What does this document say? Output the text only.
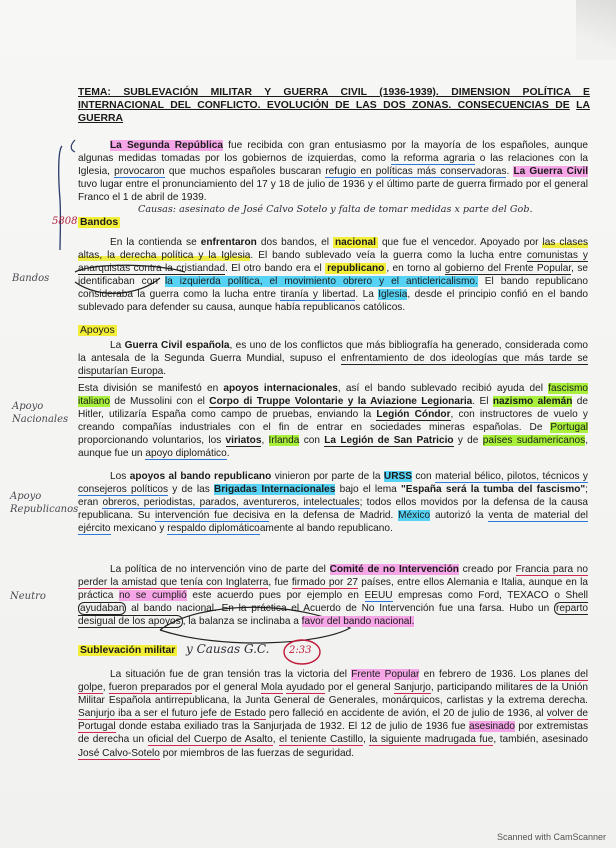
TEMA: SUBLEVACIÓN MILITAR Y GUERRA CIVIL (1936-1939). DIMENSION POLÍTICA E INTERNACIONAL DEL CONFLICTO. EVOLUCIÓN DE LAS DOS ZONAS. CONSECUENCIAS DE LA GUERRA
La Segunda República fue recibida con gran entusiasmo por la mayoría de los españoles, aunque algunas medidas tomadas por los gobiernos de izquierdas, como la reforma agraria o las relaciones con la Iglesia, provocaron que muchos españoles buscaran refugio en políticas más conservadoras. La Guerra Civil tuvo lugar entre el pronunciamiento del 17 y 18 de julio de 1936 y el último parte de guerra firmado por el general Franco el 1 de abril de 1939.
Causas: asesinato de José Calvo Sotelo y falta de tomar medidas x parte del Gob.
5808 Bandos
En la contienda se enfrentaron dos bandos, el nacional que fue el vencedor. Apoyado por las clases altas, la derecha política y la Iglesia. El bando sublevado veía la guerra como la lucha entre comunistas y anarquistas contra la cristiandad. El otro bando era el republicano , en torno al gobierno del Frente Popular, se identificaban con la izquierda política, el movimiento obrero y el anticlericalismo. El bando republicano consideraba la guerra como la lucha entre tiranía y libertad. La Iglesia, desde el principio confió en el bando sublevado para defender su causa, aunque había republicanos católicos.
Bandos
Apoyos
La Guerra Civil española, es uno de los conflictos que más bibliografía ha generado, considerada como la antesala de la Segunda Guerra Mundial, supuso el enfrentamiento de dos ideologías que más tarde se disputarían Europa.
Esta división se manifestó en apoyos internacionales, así el bando sublevado recibió ayuda del fascismo italiano de Mussolini con el Corpo di Truppe Volontarie y la Aviazione Legionaria. El nazismo alemán de Hitler, utilizaría España como campo de pruebas, enviando la Legión Cóndor, con instructores de vuelo y creando compañías industriales con el fin de entrar en sociedades mineras españolas. De Portugal proporcionando voluntarios, los viriatos, Irlanda con La Legión de San Patricio y de países sudamericanos, aunque fue un apoyo diplomático.
Apoyo Nacionales
Los apoyos al bando republicano vinieron por parte de la URSS con material bélico, pilotos, técnicos y consejeros políticos y de las Brigadas Internacionales bajo el lema "España será la tumba del fascismo"; eran obreros, periodistas, parados, aventureros, intelectuales; todos ellos movidos por la defensa de la causa republicana. Su intervención fue decisiva en la defensa de Madrid. México autorizó la venta de material del ejército mexicano y respaldo diplomáticoamente al bando republicano.
Apoyo Republicanos
La política de no intervención vino de parte del Comité de no Intervención creado por Francia para no perder la amistad que tenía con Inglaterra, fue firmado por 27 países, entre ellos Alemania e Italia, aunque en la práctica no se cumplió este acuerdo pues por ejemplo en EEUU empresas como Ford, TEXACO o Shell ayudaban al bando nacional. En la práctica el Acuerdo de No Intervención fue una farsa. Hubo un reparto desigual de los apoyos , la balanza se inclinaba a favor del bando nacional.
Neutro
Sublevación militar y Causas G.C. 2:33
La situación fue de gran tensión tras la victoria del Frente Popular en febrero de 1936. Los planes del golpe, fueron preparados por el general Mola ayudado por el general Sanjurjo, participando militares de la Unión Militar Española antirrepublicana, la Junta General de Generales, monárquicos, carlistas y la extrema derecha. Sanjurjo iba a ser el futuro jefe de Estado pero falleció en accidente de avión, el 20 de julio de 1936, al volver de Portugal donde estaba exiliado tras la Sanjurjada de 1932. El 12 de julio de 1936 fue asesinado por extremistas de derecha un oficial del Cuerpo de Asalto, el teniente Castillo, la siguiente madrugada fue, también, asesinado José Calvo-Sotelo por miembros de las fuerzas de seguridad.
Scanned with CamScanner
